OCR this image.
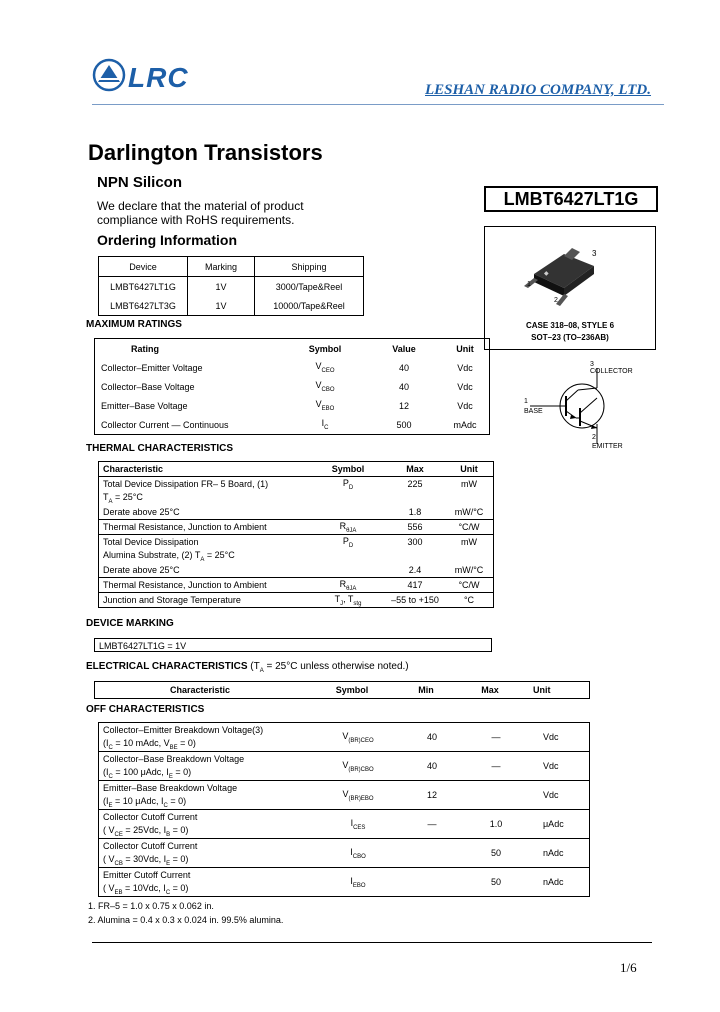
LRC	LESHAN RADIO COMPANY, LTD.
Darlington Transistors
NPN Silicon
We declare that the material of product compliance with RoHS requirements.
LMBT6427LT1G
Ordering Information
Device	Marking	Shipping
LMBT6427LT1G	1V	3000/Tape&Reel
LMBT6427LT3G	1V	10000/Tape&Reel
◆
3
1
2
CASE 318–08, STYLE 6
SOT–23 (TO–236AB)
3
COLLECTOR
1
BASE
2
EMITTER
MAXIMUM RATINGS
Rating	Symbol	Value	Unit
Collector–Emitter Voltage	$V_{CEO}$	40	Vdc
Collector–Base Voltage	$V_{CBO}$	40	Vdc
Emitter–Base Voltage	$V_{EBO}$	12	Vdc
Collector Current — Continuous	$I_C$	500	mAdc
THERMAL CHARACTERISTICS
Characteristic	Symbol	Max	Unit
Total Device Dissipation FR– 5 Board, (1)	$P_D$	225	mW
$T_A = 25^\circ C$			
Derate above 25°C		1.8	mW/°C
Thermal Resistance, Junction to Ambient	$R_{\theta JA}$	556	°C/W
Total Device Dissipation	$P_D$	300	mW
Alumina Substrate, (2) $T_A = 25^\circ C$			
Derate above 25°C		2.4	mW/°C
Thermal Resistance, Junction to Ambient	$R_{\theta JA}$	417	°C/W
Junction and Storage Temperature	$T_J$, $T_{stg}$	–55 to +150	°C
DEVICE MARKING
LMBT6427LT1G = 1V
ELECTRICAL CHARACTERISTICS ($T_A = 25^\circ C$ unless otherwise noted.)
Characteristic	Symbol	Min	Max	Unit
OFF CHARACTERISTICS
Collector–Emitter Breakdown Voltage(3)	$V_{(BR)CEO}$	40	—	Vdc
($I_C = 10$ mAdc, $V_{BE} = 0$)				
Collector–Base Breakdown Voltage	$V_{(BR)CBO}$	40	—	Vdc
($I_C = 100$ μAdc, $I_E = 0$)				
Emitter–Base Breakdown Voltage	$V_{(BR)EBO}$	12		Vdc
($I_E = 10$ μAdc, $I_C = 0$)				
Collector Cutoff Current	$I_{CES}$	—	1.0	μAdc
( $V_{CE} = 25Vdc$, $I_B = 0$)				
Collector Cutoff Current	$I_{CBO}$		50	nAdc
( $V_{CB} = 30Vdc$, $I_E = 0$)				
Emitter Cutoff Current	$I_{EBO}$		50	nAdc
( $V_{EB} = 10Vdc$, $I_C = 0$)				
1. FR–5 = 1.0 x 0.75 x 0.062 in.
2. Alumina = 0.4 x 0.3 x 0.024 in. 99.5% alumina.
1/6
